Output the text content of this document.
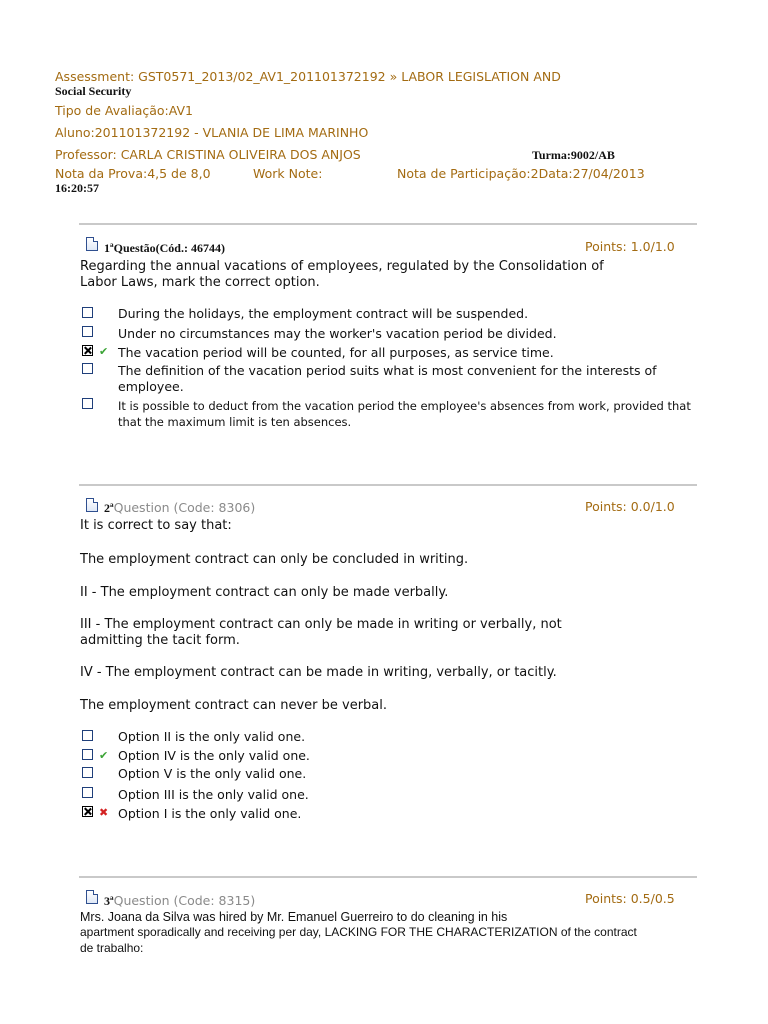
Assessment: GST0571_2013/02_AV1_201101372192 » LABOR LEGISLATION AND
Social Security
Tipo de Avaliação:AV1
Aluno:201101372192 - VLANIA DE LIMA MARINHO
Professor: CARLA CRISTINA OLIVEIRA DOS ANJOS	Turma:9002/AB
Nota da Prova:4,5 de 8,0	Work Note:	Nota de Participação:2Data:27/04/2013
16:20:57
1ªQuestão(Cód.: 46744)	Points: 1.0/1.0
Regarding the annual vacations of employees, regulated by the Consolidation of
Labor Laws, mark the correct option.
During the holidays, the employment contract will be suspended.
Under no circumstances may the worker's vacation period be divided.
✔ The vacation period will be counted, for all purposes, as service time.
The definition of the vacation period suits what is most convenient for the interests of
employee.
It is possible to deduct from the vacation period the employee's absences from work, provided that
that the maximum limit is ten absences.
2ªQuestion (Code: 8306)	Points: 0.0/1.0
It is correct to say that:
The employment contract can only be concluded in writing.
II - The employment contract can only be made verbally.
III - The employment contract can only be made in writing or verbally, not
admitting the tacit form.
IV - The employment contract can be made in writing, verbally, or tacitly.
The employment contract can never be verbal.
Option II is the only valid one.
✔ Option IV is the only valid one.
Option V is the only valid one.
Option III is the only valid one.
✖ Option I is the only valid one.
3ªQuestion (Code: 8315)	Points: 0.5/0.5
Mrs. Joana da Silva was hired by Mr. Emanuel Guerreiro to do cleaning in his
apartment sporadically and receiving per day, LACKING FOR THE CHARACTERIZATION of the contract
de trabalho:
